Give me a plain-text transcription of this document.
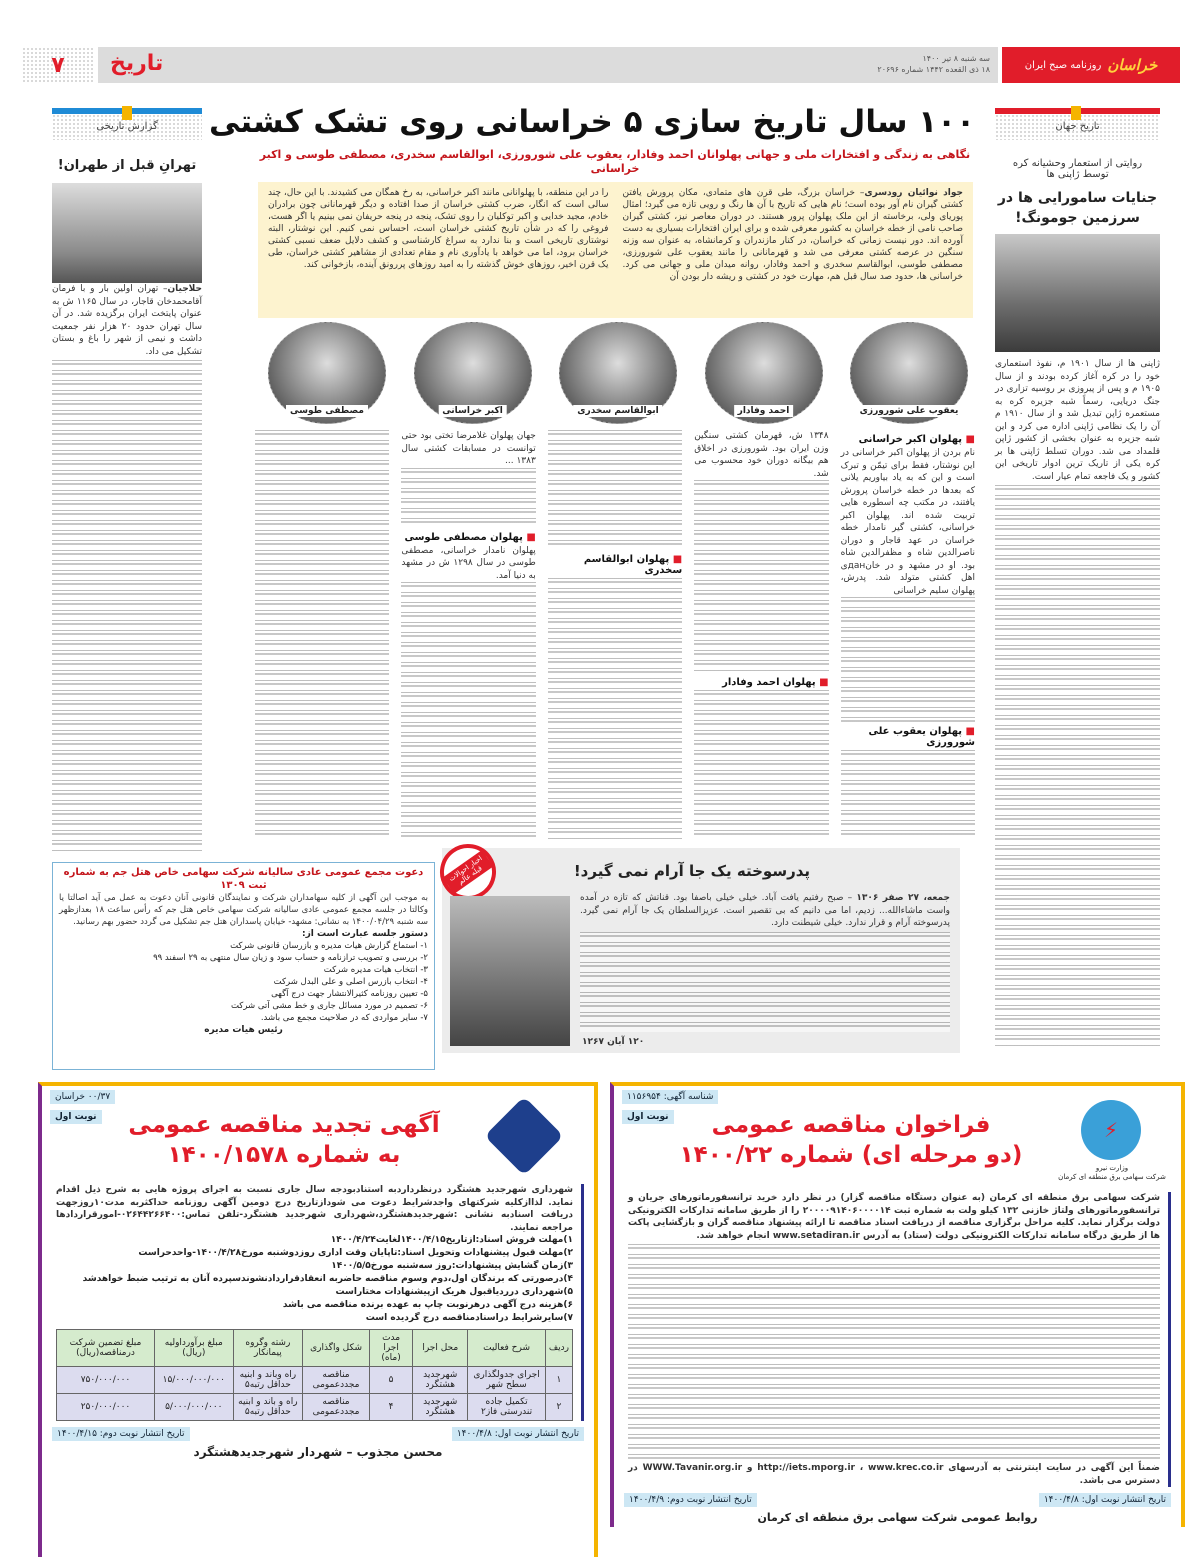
خراسان
روزنامه صبح ایران
سه شنبه ۸ تیر ۱۴۰۰
۱۸ ذی القعده ۱۴۴۲ شماره ۲۰۶۹۶
تاریخ
۷
تاریخ جهان
روایتی از استعمار وحشیانه کره توسط ژاپنی ها
جنایات سامورایی ها در سرزمین جومونگ!
ژاپنی ها از سال ۱۹۰۱ م، نفوذ استعماری خود را در کره آغاز کرده بودند و از سال ۱۹۰۵ م و پس از پیروزی بر روسیه تزاری در جنگ دریایی، رسماً شبه جزیره کره به مستعمره ژاپن تبدیل شد و از سال ۱۹۱۰ م آن را یک نظامی ژاپنی اداره می کرد و این شبه جزیره به عنوان بخشی از کشور ژاپن قلمداد می شد. دوران تسلط ژاپنی ها بر کره یکی از تاریک ترین ادوار تاریخی این کشور و یک فاجعه تمام عیار است.
گزارش تاریخی
تهرانِ قبل از طهران!
حلاجیان– تهران اولین بار و با فرمان آقامحمدخان قاجار، در سال ۱۱۶۵ ش به عنوان پایتخت ایران برگزیده شد. در آن سال تهران حدود ۲۰ هزار نفر جمعیت داشت و نیمی از شهر را باغ و بستان تشکیل می داد.
۱۰۰ سال تاریخ سازی ۵ خراسانی روی تشک کشتی
نگاهی به زندگی و افتخارات ملی و جهانی پهلوانان احمد وفادار، یعقوب علی شورورزی، ابوالقاسم سخدری، مصطفی طوسی و اکبر خراسانی
جواد نوائیان رودسری– خراسان بزرگ، طی قرن های متمادی، مکان پرورش یافتن کشتی گیران نام آور بوده است؛ نام هایی که تاریخ با آن ها رنگ و رویی تازه می گیرد؛ امثال پوریای ولی، برخاسته از این ملک پهلوان پرور هستند. در دوران معاصر نیز، کشتی گیران صاحب نامی از خطه خراسان به کشور معرفی شده و برای ایران افتخارات بسیاری به دست آورده اند. دور نیست زمانی که خراسان، در کنار مازندران و کرمانشاه، به عنوان سه وزنه سنگین در عرصه کشتی معرفی می شد و قهرمانانی را مانند یعقوب علی شورورزی، مصطفی طوسی، ابوالقاسم سخدری و احمد وفادار، روانه میدان ملی و جهانی می کرد. خراسانی ها، حدود صد سال قبل هم، مهارت خود در کشتی و ریشه دار بودن آن
را در این منطقه، با پهلوانانی مانند اکبر خراسانی، به رخ همگان می کشیدند. با این حال، چند سالی است که انگار، ضرب کشتی خراسان از صدا افتاده و دیگر قهرمانانی چون برادران خادم، مجید خدایی و اکبر توکلیان را روی تشک، پنجه در پنجه حریفان نمی بینیم یا اگر هست، فروغی را که در شأن تاریخ کشتی خراسان است، احساس نمی کنیم. این نوشتار، البته نوشتاری تاریخی است و بنا ندارد به سراغ کارشناسی و کشف دلایل ضعف نسبی کشتی خراسان برود، اما می خواهد با یادآوری نام و مقام تعدادی از مشاهیر کشتی خراسان، طی یک قرن اخیر، روزهای خوش گذشته را به امید روزهای پررونق آینده، بازخوانی کند.
یعقوب علی شورورزی
احمد وفادار
ابوالقاسم سخدری
اکبر خراسانی
مصطفی طوسی
■ پهلوان اکبر خراسانی
نام بردن از پهلوان اکبر خراسانی در این نوشتار، فقط برای تیمّن و تبرک است و این که به یاد بیاوریم یلانی که بعدها در خطه خراسان پرورش یافتند، در مکتب چه اسطوره هایی تربیت شده اند. پهلوان اکبر خراسانی، کشتی گیر نامدار خطه خراسان در عهد قاجار و دوران ناصرالدین شاه و مظفرالدین شاه بود. او در مشهد و در خانданی اهل کشتی متولد شد. پدرش، پهلوان سلیم خراسانی
■ پهلوان یعقوب علی شورورزی
۱۳۴۸ ش، قهرمان کشتی سنگین وزن ایران بود. شورورزی در اخلاق هم بیگانه دوران خود محسوب می شد.
■ پهلوان احمد وفادار
■ پهلوان ابوالقاسم سخدری
جهان پهلوان غلامرضا تختی بود حتی توانست در مسابقات کشتی سال ۱۳۸۳ ...
■ پهلوان مصطفی طوسی
پهلوان نامدار خراسانی، مصطفی طوسی در سال ۱۲۹۸ ش در مشهد به دنیا آمد.
اخبار احوالات قبله عالم	پدرسوخته یک جا آرام نمی گیرد!
جمعه، ۲۷ صفر ۱۳۰۶ – صبح رفتیم یافت آباد. خیلی خیلی باصفا بود. قناتش که تازه در آمده واست ماشاءالله... زدیم، اما می دانیم که بی تقصیر است. عزیزالسلطان یک جا آرام نمی گیرد. پدرسوخته آرام و قرار ندارد. خیلی شیطنت دارد.
۱۲۰ آبان ۱۲۶۷
دعوت مجمع عمومی عادی سالیانه شرکت سهامی خاص هتل جم به شماره ثبت ۱۳۰۹
به موجب این آگهی از کلیه سهامداران شرکت و نمایندگان قانونی آنان دعوت به عمل می آید اصالتا یا وکالتا در جلسه مجمع عمومی عادی سالیانه شرکت سهامی خاص هتل جم که رأس ساعت ۱۸ بعدازظهر سه شنبه ۱۴۰۰/۰۴/۲۹ به نشانی: مشهد- خیابان پاسداران هتل جم تشکیل می گردد حضور بهم رسانید.
دستور جلسه عبارت است از:
۱- استماع گزارش هیات مدیره و بازرسان قانونی شرکت
۲- بررسی و تصویب ترازنامه و حساب سود و زیان سال منتهی به ۲۹ اسفند ۹۹
۳- انتخاب هیات مدیره شرکت
۴- انتخاب بازرس اصلی و علی البدل شرکت
۵- تعیین روزنامه کثیرالانتشار جهت درج آگهی
۶- تصمیم در مورد مسائل جاری و خط مشی آتی شرکت
۷- سایر مواردی که در صلاحیت مجمع می باشد.
رئیس هیات مدیره
⚡
وزارت نیرو
شرکت سهامی برق منطقه ای کرمان
فراخوان مناقصه عمومی
(دو مرحله ای) شماره ۱۴۰۰/۲۲
شناسه آگهی: ۱۱۵۶۹۵۴
نوبت اول
شرکت سهامی برق منطقه ای کرمان (به عنوان دستگاه مناقصه گزار) در نظر دارد خرید ترانسفورماتورهای جریان و ترانسفورماتورهای ولتاژ خازنی ۱۳۲ کیلو ولت به شماره ثبت ۲۰۰۰۰۹۱۴۰۶۰۰۰۰۱۴ را از طریق سامانه تدارکات الکترونیکی دولت برگزار نماید. کلیه مراحل برگزاری مناقصه از دریافت اسناد مناقصه تا ارائه پیشنهاد مناقصه گران و بازگشایی پاکت ها از طریق درگاه سامانه تدارکات الکترونیکی دولت (ستاد) به آدرس www.setadiran.ir انجام خواهد شد.
ضمناً این آگهی در سایت اینترنتی به آدرسهای http://iets.mporg.ir ، www.krec.co.ir و WWW.Tavanir.org.ir در دسترس می باشد.
تاریخ انتشار نوبت اول: ۱۴۰۰/۴/۸
تاریخ انتشار نوبت دوم: ۱۴۰۰/۴/۹
روابط عمومی شرکت سهامی برق منطقه ای کرمان
آگهی تجدید مناقصه عمومی
به شماره ۱۴۰۰/۱۵۷۸
۰۰/۳۷ خراسان
نوبت اول
شهرداری شهرجدید هشتگرد درنظرداردبه استنادبودجه سال جاری نسبت به اجرای پروژه هایی به شرح ذیل اقدام نماید. لذاازکلیه شرکتهای واجدشرایط دعوت می شودازتاریخ درج دومین آگهی روزنامه حداکثربه مدت۱۰روزجهت دریافت اسنادبه نشانی :شهرجدیدهشتگرد،شهرداری شهرجدید هشتگرد-تلفن تماس:۰۲۶۴۴۲۶۶۴۰۰-امورقراردادها مراجعه نمایند.
۱)مهلت فروش اسناد:ازتاریخ۱۴۰۰/۴/۱۵لغایت۱۴۰۰/۴/۲۴
۲)مهلت قبول پیشنهادات وتحویل اسناد:تاپایان وقت اداری روزدوشنبه مورخ۱۴۰۰/۴/۲۸-واحدحراست
۳)زمان گشایش پیشنهادات:روز سه‌شنبه مورخ۱۴۰۰/۵/۵
۴)درصورتی که برندگان اول،دوم وسوم مناقصه حاضربه انعقادقراردادنشوندسپرده آنان به ترتیب ضبط خواهدشد
۵)شهرداری درردیاقبول هریک ازپیشنهادات مختاراست
۶)هزینه درج آگهی درهرنوبت چاپ به عهده برنده مناقصه می باشد
۷)سایرشرایط دراسنادمناقصه درج گردیده است
ردیف	شرح فعالیت	محل اجرا	مدت اجرا (ماه)	شکل واگذاری	رشته وگروه پیمانکار	مبلغ برآورداولیه (ریال)	مبلغ تضمین شرکت درمناقصه(ریال)
۱	اجرای جدولگذاری سطح شهر	شهرجدید هشتگرد	۵	مناقصه مجددعمومی	راه وباند و ابنیه حداقل رتبه۵	۱۵/۰۰۰/۰۰۰/۰۰۰	۷۵۰/۰۰۰/۰۰۰
۲	تکمیل جاده تندرستی فاز۲	شهرجدید هشتگرد	۴	مناقصه مجددعمومی	راه و باند و ابنیه حداقل رتبه۵	۵/۰۰۰/۰۰۰/۰۰۰	۲۵۰/۰۰۰/۰۰۰
تاریخ انتشار نوبت اول: ۱۴۰۰/۴/۸
تاریخ انتشار نوبت دوم: ۱۴۰۰/۴/۱۵
محسن مجذوب – شهردار شهرجدیدهشتگرد
